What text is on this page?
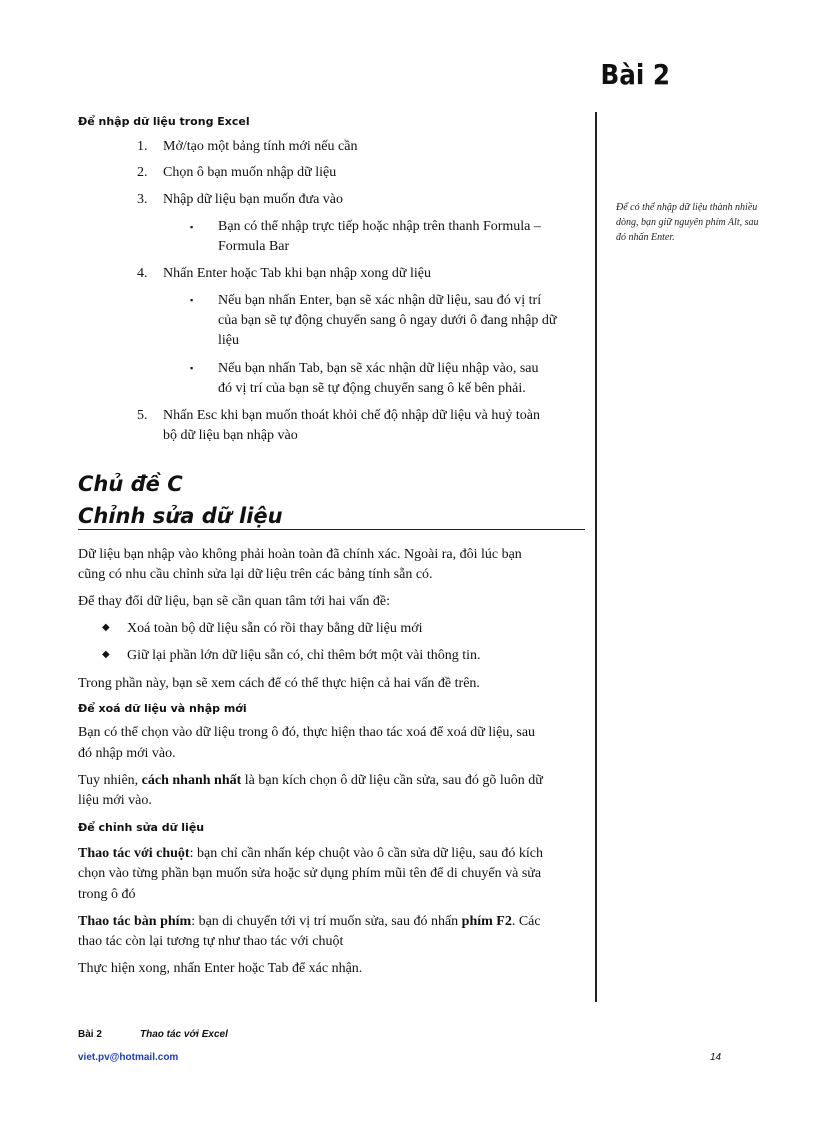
Bài 2
Để có thể nhập dữ liệu thành nhiều dòng, bạn giữ nguyên phím Alt, sau đó nhấn Enter.
Để nhập dữ liệu trong Excel
1. Mở/tạo một bảng tính mới nếu cần
2. Chọn ô bạn muốn nhập dữ liệu
3. Nhập dữ liệu bạn muốn đưa vào
▪ Bạn có thể nhập trực tiếp hoặc nhập trên thanh Formula –
Formula Bar
4. Nhấn Enter hoặc Tab khi bạn nhập xong dữ liệu
▪ Nếu bạn nhấn Enter, bạn sẽ xác nhận dữ liệu, sau đó vị trí
của bạn sẽ tự động chuyển sang ô ngay dưới ô đang nhập dữ
liệu
▪ Nếu bạn nhấn Tab, bạn sẽ xác nhận dữ liệu nhập vào, sau
đó vị trí của bạn sẽ tự động chuyển sang ô kế bên phải.
5. Nhấn Esc khi bạn muốn thoát khỏi chế độ nhập dữ liệu và huỷ toàn
bộ dữ liệu bạn nhập vào
Chủ đề C
Chỉnh sửa dữ liệu
Dữ liệu bạn nhập vào không phải hoàn toàn đã chính xác. Ngoài ra, đôi lúc bạn
cũng có nhu cầu chỉnh sửa lại dữ liệu trên các bảng tính sẵn có.
Để thay đổi dữ liệu, bạn sẽ cần quan tâm tới hai vấn đề:
◆ Xoá toàn bộ dữ liệu sẵn có rồi thay bằng dữ liệu mới
◆ Giữ lại phần lớn dữ liệu sẵn có, chỉ thêm bớt một vài thông tin.
Trong phần này, bạn sẽ xem cách để có thể thực hiện cả hai vấn đề trên.
Để xoá dữ liệu và nhập mới
Bạn có thể chọn vào dữ liệu trong ô đó, thực hiện thao tác xoá để xoá dữ liệu, sau
đó nhập mới vào.
Tuy nhiên, cách nhanh nhất là bạn kích chọn ô dữ liệu cần sửa, sau đó gõ luôn dữ
liệu mới vào.
Để chỉnh sửa dữ liệu
Thao tác với chuột: bạn chỉ cần nhấn kép chuột vào ô cần sửa dữ liệu, sau đó kích
chọn vào từng phần bạn muốn sửa hoặc sử dụng phím mũi tên để di chuyển và sửa
trong ô đó
Thao tác bàn phím: bạn di chuyển tới vị trí muốn sửa, sau đó nhấn phím F2. Các
thao tác còn lại tương tự như thao tác với chuột
Thực hiện xong, nhấn Enter hoặc Tab để xác nhận.
Bài 2	Thao tác với Excel
viet.pv@hotmail.com	14
